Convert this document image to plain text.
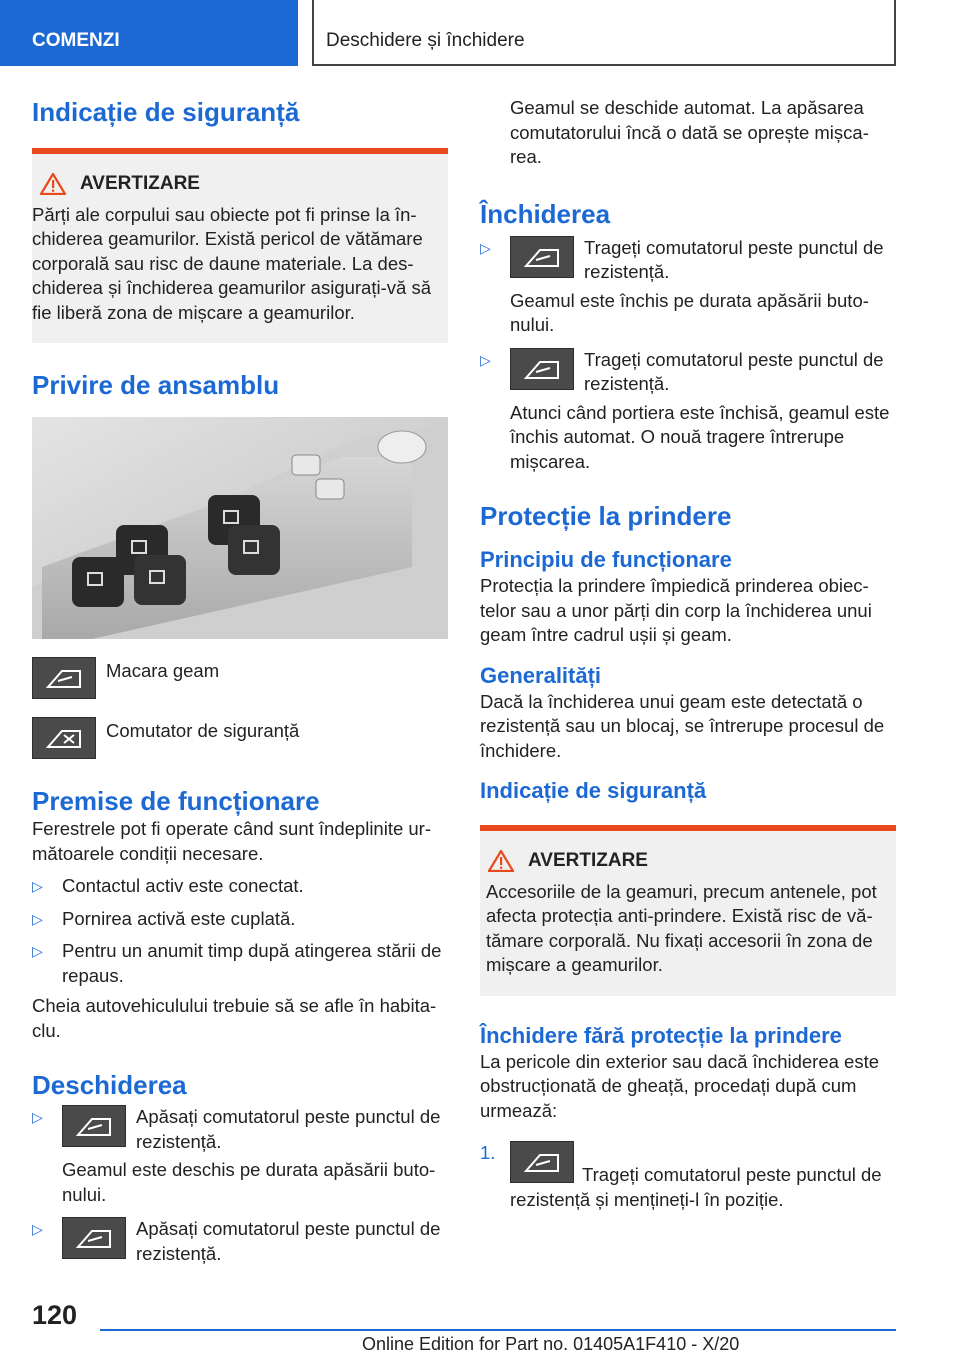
COMENZI	Deschidere și închidere
Indicație de siguranță
AVERTIZARE

Părți ale corpului sau obiecte pot fi prinse la în-chiderea geamurilor. Există pericol de vătămare corporală sau risc de daune materiale. La des-chiderea și închiderea geamurilor asigurați-vă să fie liberă zona de mișcare a geamurilor.

Privire de ansamblu
Macara geam
Comutator de siguranță
Premise de funcționare

Ferestrele pot fi operate când sunt îndeplinite ur-mătoarele condiții necesare.

▷ Contactul activ este conectat.
▷ Pornirea activă este cuplată.
▷ Pentru un anumit timp după atingerea stării de repaus.

Cheia autovehiculului trebuie să se afle în habita-clu.

Deschiderea
▷	Apăsați comutatorul peste punctul de rezistență.

Geamul este deschis pe durata apăsării buto-nului.

▷	Apăsați comutatorul peste punctul de rezistență.

Geamul se deschide automat. La apăsarea comutatorului încă o dată se oprește mișca-rea.

Închiderea
▷	Trageți comutatorul peste punctul de rezistență.

Geamul este închis pe durata apăsării buto-nului.

▷	Trageți comutatorul peste punctul de rezistență.

Atunci când portiera este închisă, geamul este închis automat. O nouă tragere întrerupe mișcarea.

Protecție la prindere
Principiu de funcționare

Protecția la prindere împiedică prinderea obiec-telor sau a unor părți din corp la închiderea unui geam între cadrul ușii și geam.

Generalități

Dacă la închiderea unui geam este detectată o rezistență sau un blocaj, se întrerupe procesul de închidere.

Indicație de siguranță
AVERTIZARE

Accesoriile de la geamuri, precum antenele, pot afecta protecția anti-prindere. Există risc de vă-tămare corporală. Nu fixați accesorii în zona de mișcare a geamurilor.

Închidere fără protecție la prindere

La pericole din exterior sau dacă închiderea este obstrucționată de gheață, procedați după cum urmează:

1.

Trageți comutatorul peste punctul de rezistență și mențineți-l în poziție.

120
Online Edition for Part no. 01405A1F410 - X/20
